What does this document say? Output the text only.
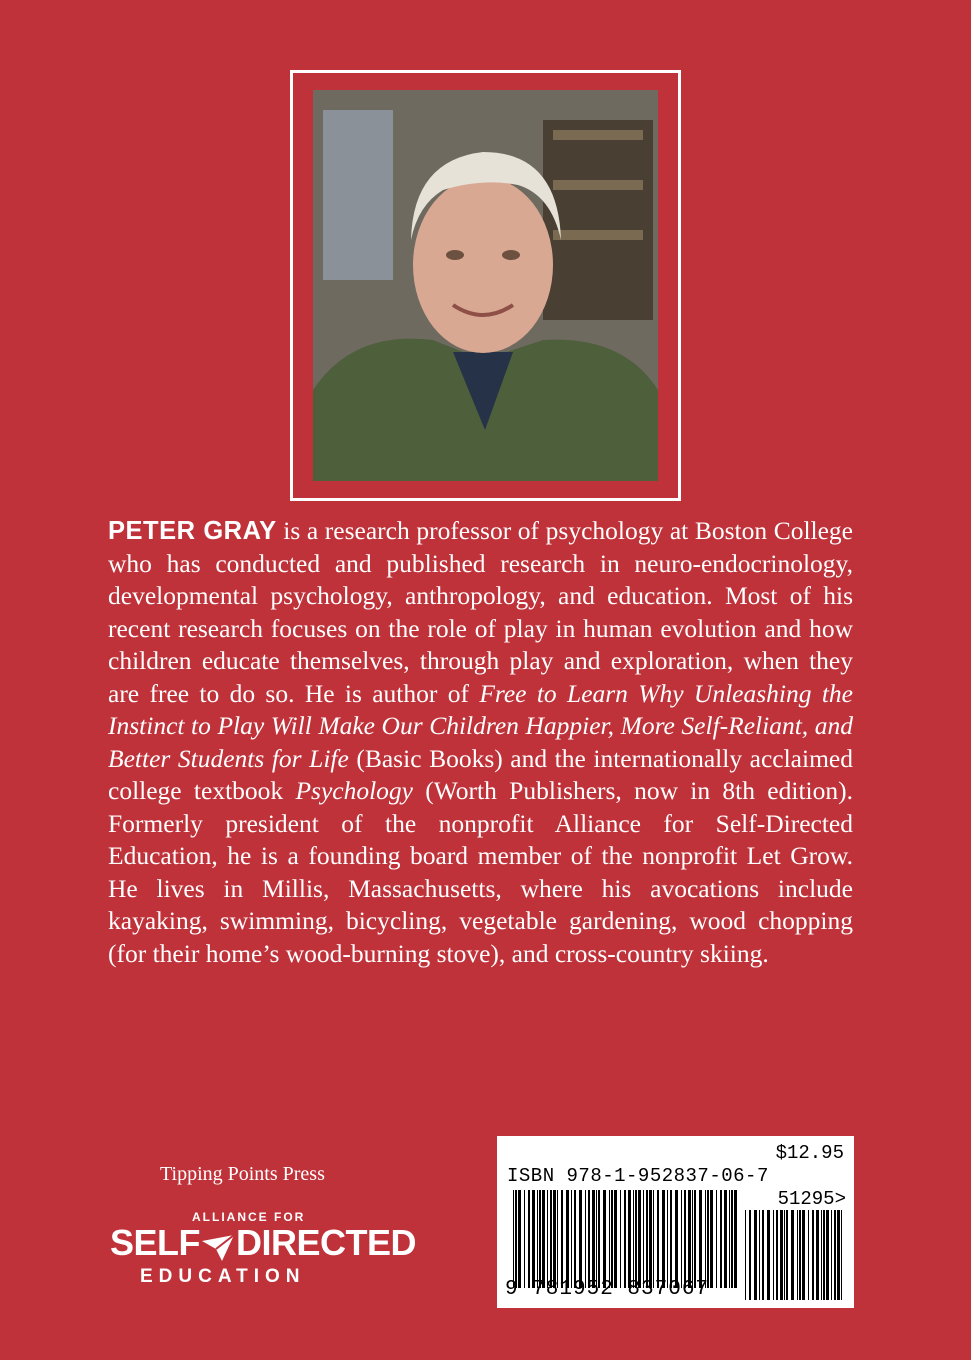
PETER GRAY is a research professor of psychology at Boston College who has conducted and published research in neuro-endocrinology, developmental psychology, anthropology, and education. Most of his recent research focuses on the role of play in human evolution and how children educate themselves, through play and exploration, when they are free to do so. He is author of Free to Learn Why Unleashing the Instinct to Play Will Make Our Children Happier, More Self-Reliant, and Better Students for Life (Basic Books) and the internationally acclaimed college textbook Psychology (Worth Publishers, now in 8th edition). Formerly president of the nonprofit Alliance for Self-Directed Education, he is a founding board member of the nonprofit Let Grow. He lives in Millis, Massachusetts, where his avocations include kayaking, swimming, bicycling, vegetable gardening, wood chopping (for their home’s wood-burning stove), and cross-country skiing.
Tipping Points Press
ALLIANCE FOR
SELF DIRECTED
EDUCATION
$12.95
ISBN 978-1-952837-06-7
51295>
9 781952 837067
